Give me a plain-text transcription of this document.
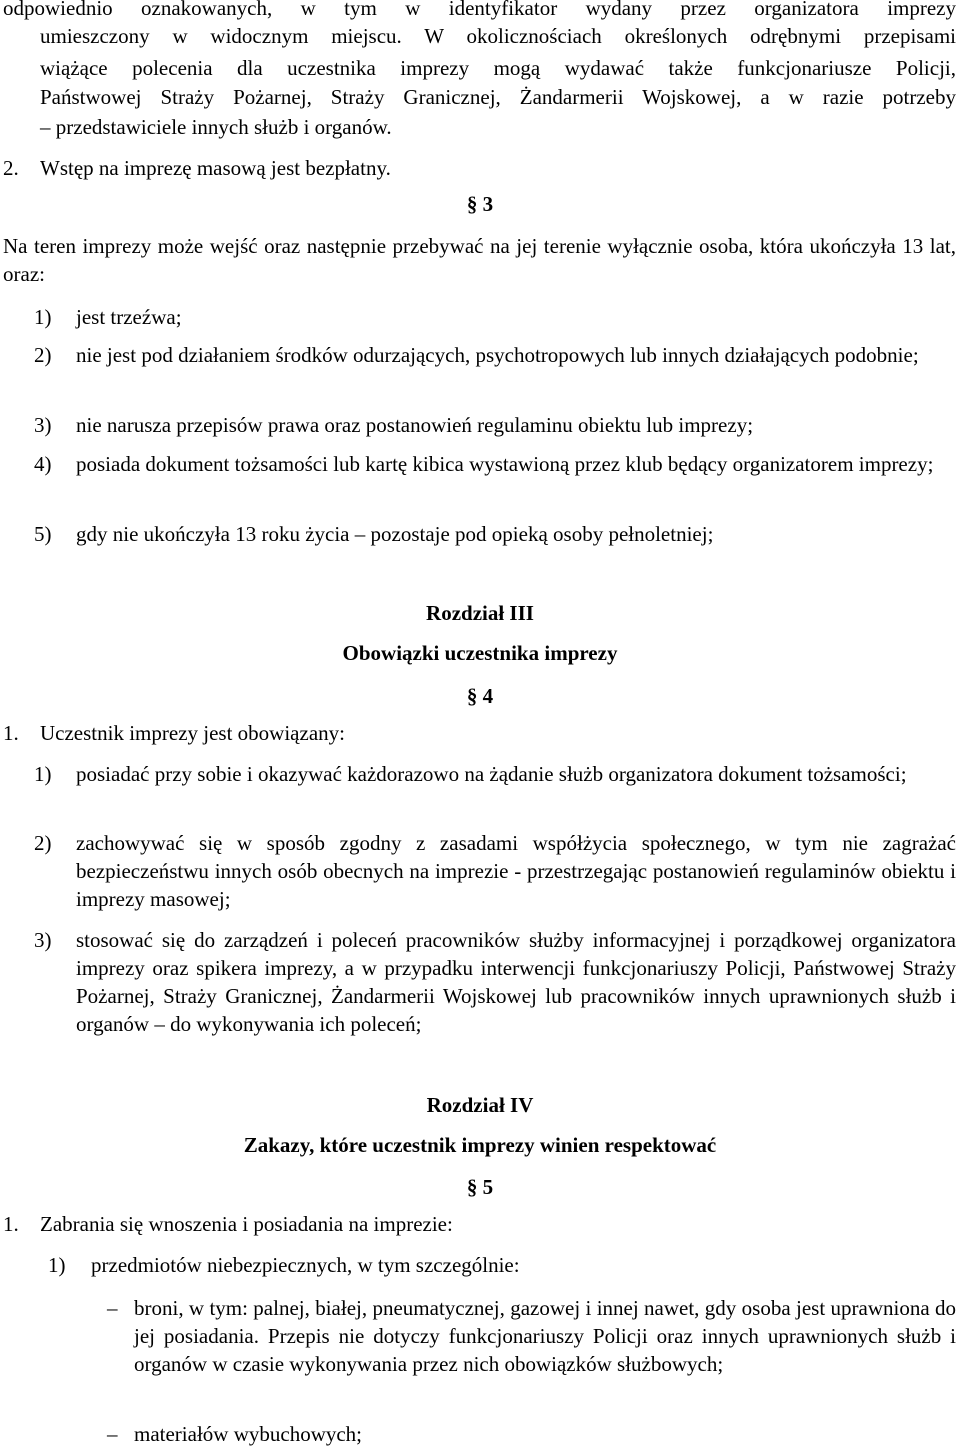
odpowiednio oznakowanych, w tym w identyfikator wydany przez organizatora imprezy

umieszczony w widocznym miejscu. W okolicznościach określonych odrębnymi przepisami

wiążące polecenia dla uczestnika imprezy mogą wydawać także funkcjonariusze Policji,

Państwowej Straży Pożarnej, Straży Granicznej, Żandarmerii Wojskowej, a w razie potrzeby

– przedstawiciele innych służb i organów.

2. Wstęp na imprezę masową jest bezpłatny.

§ 3

Na teren imprezy może wejść oraz następnie przebywać na jej terenie wyłącznie osoba, która ukończyła 13 lat, oraz:

1) jest trzeźwa;

2) nie jest pod działaniem środków odurzających, psychotropowych lub innych działających podobnie;

3) nie narusza przepisów prawa oraz postanowień regulaminu obiektu lub imprezy;

4) posiada dokument tożsamości lub kartę kibica wystawioną przez klub będący organizatorem imprezy;

5) gdy nie ukończyła 13 roku życia – pozostaje pod opieką osoby pełnoletniej;

Rozdział III

Obowiązki uczestnika imprezy

§ 4

1. Uczestnik imprezy jest obowiązany:

1) posiadać przy sobie i okazywać każdorazowo na żądanie służb organizatora dokument tożsamości;

2) zachowywać się w sposób zgodny z zasadami współżycia społecznego, w tym nie zagrażać bezpieczeństwu innych osób obecnych na imprezie - przestrzegając postanowień regulaminów obiektu i imprezy masowej;

3) stosować się do zarządzeń i poleceń pracowników służby informacyjnej i porządkowej organizatora imprezy oraz spikera imprezy, a w przypadku interwencji funkcjonariuszy Policji, Państwowej Straży Pożarnej, Straży Granicznej, Żandarmerii Wojskowej lub pracowników innych uprawnionych służb i organów – do wykonywania ich poleceń;

Rozdział IV

Zakazy, które uczestnik imprezy winien respektować

§ 5

1. Zabrania się wnoszenia i posiadania na imprezie:

1) przedmiotów niebezpiecznych, w tym szczególnie:

– broni, w tym: palnej, białej, pneumatycznej, gazowej i innej nawet, gdy osoba jest uprawniona do jej posiadania. Przepis nie dotyczy funkcjonariuszy Policji oraz innych uprawnionych służb i organów w czasie wykonywania przez nich obowiązków służbowych;

– materiałów wybuchowych;
